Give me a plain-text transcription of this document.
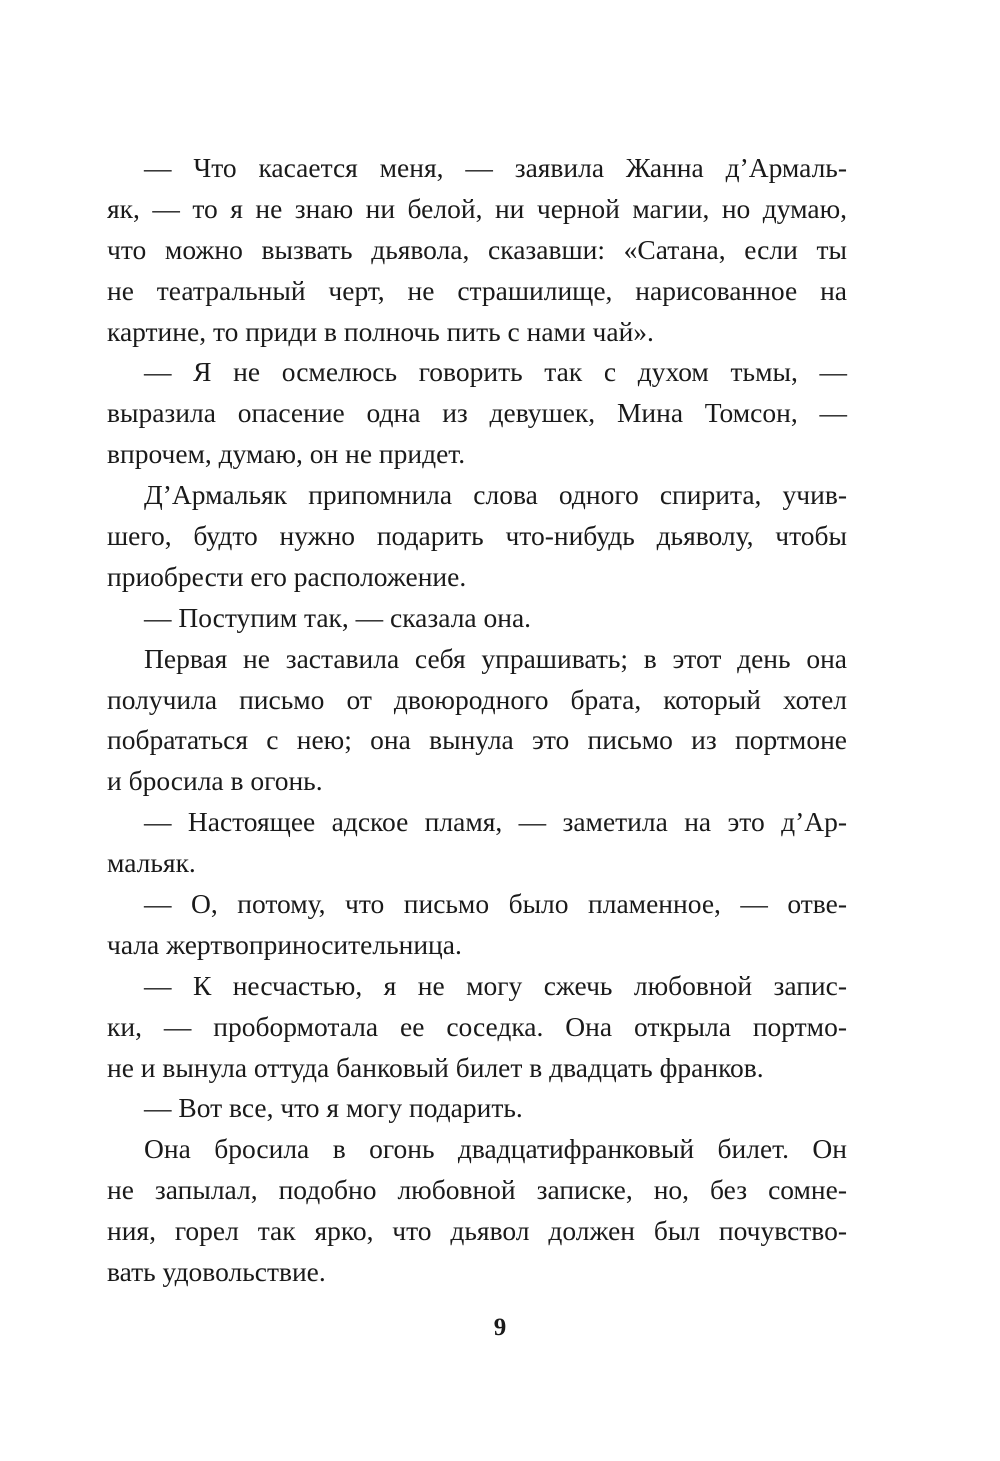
— Что касается меня, — заявила Жанна д’Армаль-
як, — то я не знаю ни белой, ни черной магии, но думаю,
что можно вызвать дьявола, сказавши: «Сатана, если ты
не театральный черт, не страшилище, нарисованное на
картине, то приди в полночь пить с нами чай».
— Я не осмелюсь говорить так с духом тьмы, —
выразила опасение одна из девушек, Мина Томсон, —
впрочем, думаю, он не придет.
Д’Армальяк припомнила слова одного спирита, учив-
шего, будто нужно подарить что-нибудь дьяволу, чтобы
приобрести его расположение.
— Поступим так, — сказала она.
Первая не заставила себя упрашивать; в этот день она
получила письмо от двоюродного брата, который хотел
побрататься с нею; она вынула это письмо из портмоне
и бросила в огонь.
— Настоящее адское пламя, — заметила на это д’Ар-
мальяк.
— О, потому, что письмо было пламенное, — отве-
чала жертвоприносительница.
— К несчастью, я не могу сжечь любовной запис-
ки, — пробормотала ее соседка. Она открыла портмо-
не и вынула оттуда банковый билет в двадцать франков.
— Вот все, что я могу подарить.
Она бросила в огонь двадцатифранковый билет. Он
не запылал, подобно любовной записке, но, без сомне-
ния, горел так ярко, что дьявол должен был почувство-
вать удовольствие.
9
